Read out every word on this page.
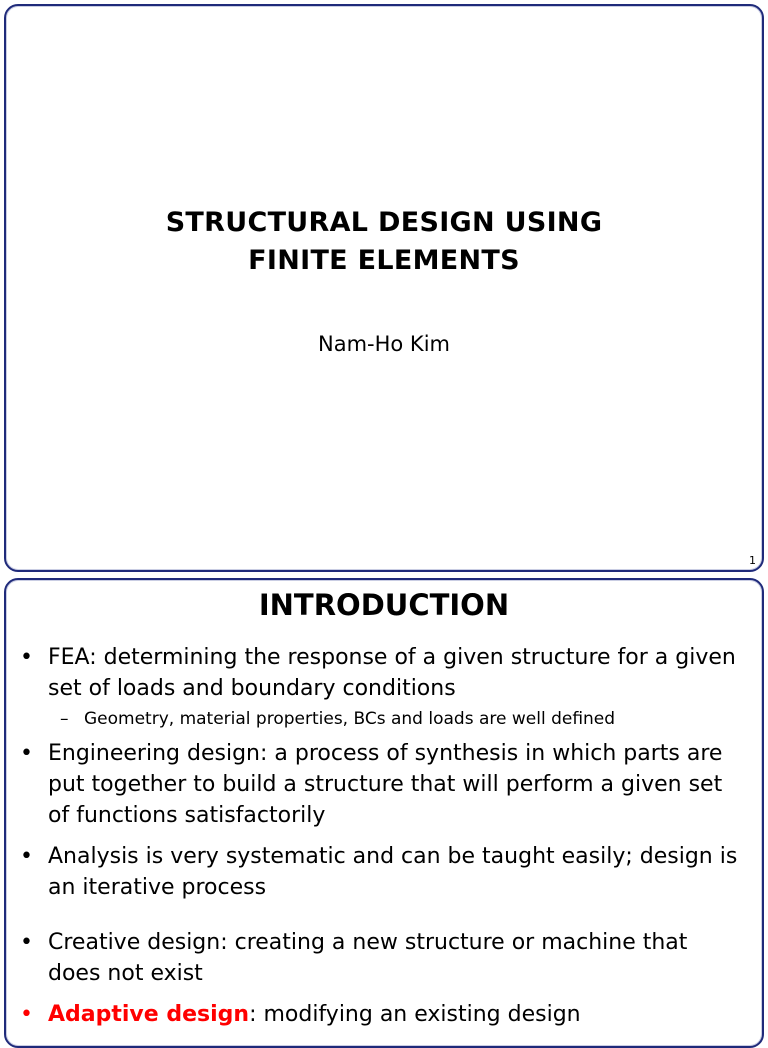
STRUCTURAL DESIGN USING
FINITE ELEMENTS
Nam-Ho Kim
1
INTRODUCTION
• FEA: determining the response of a given structure for a given set of loads and boundary conditions
– Geometry, material properties, BCs and loads are well defined
• Engineering design: a process of synthesis in which parts are put together to build a structure that will perform a given set of functions satisfactorily
• Analysis is very systematic and can be taught easily; design is an iterative process
• Creative design: creating a new structure or machine that does not exist
• Adaptive design: modifying an existing design
